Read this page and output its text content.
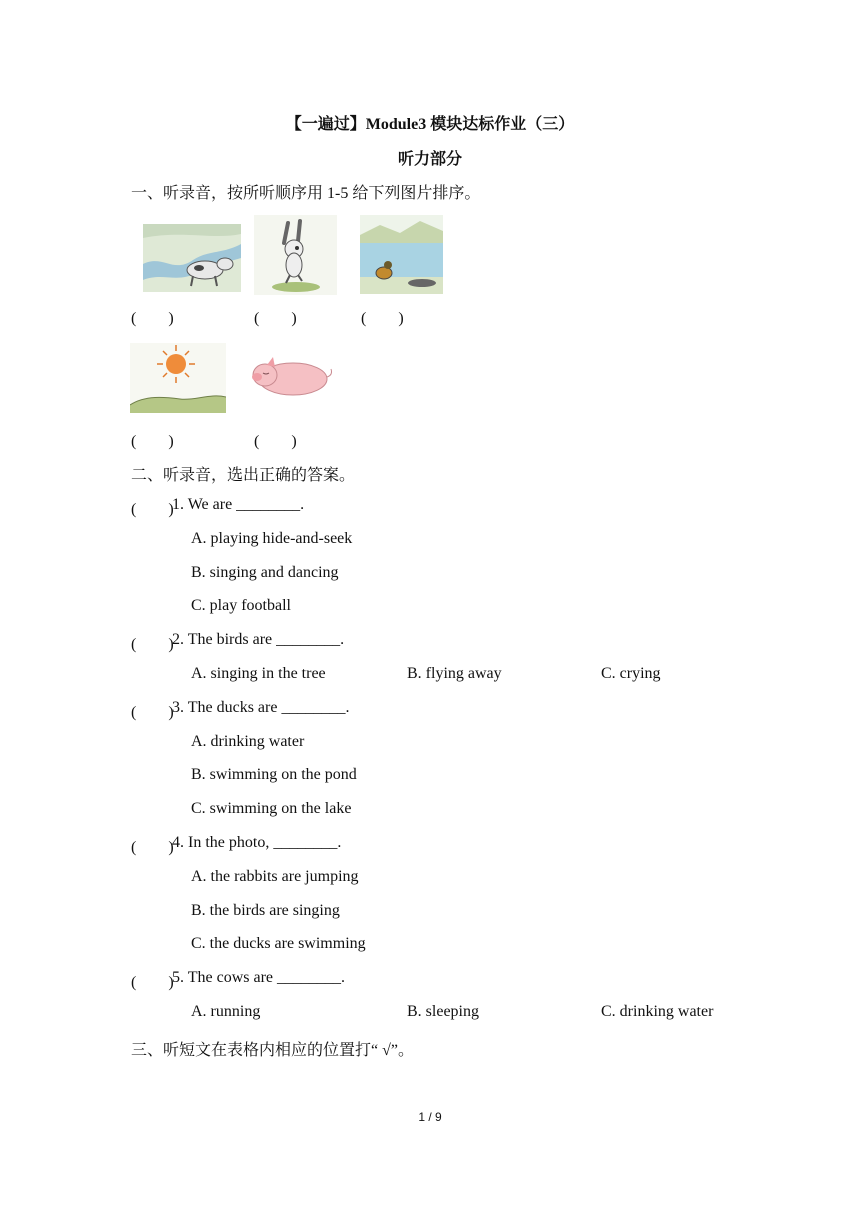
【一遍过】Module3 模块达标作业（三）
听力部分
一、听录音，按所听顺序用 1-5 给下列图片排序。
(　　)	(　　)	(　　)
(　　)	(　　)
二、听录音，选出正确的答案。
(　　)
1. We are ________.
A. playing hide-and-seek
B. singing and dancing
C. play football
(　　)
2. The birds are ________.
A. singing in the tree	B. flying away	C. crying
(　　)
3. The ducks are ________.
A. drinking water
B. swimming on the pond
C. swimming on the lake
(　　)
4. In the photo, ________.
A. the rabbits are jumping
B. the birds are singing
C. the ducks are swimming
(　　)
5. The cows are ________.
A. running	B. sleeping	C. drinking water
三、听短文在表格内相应的位置打“ √”。
1 / 9
